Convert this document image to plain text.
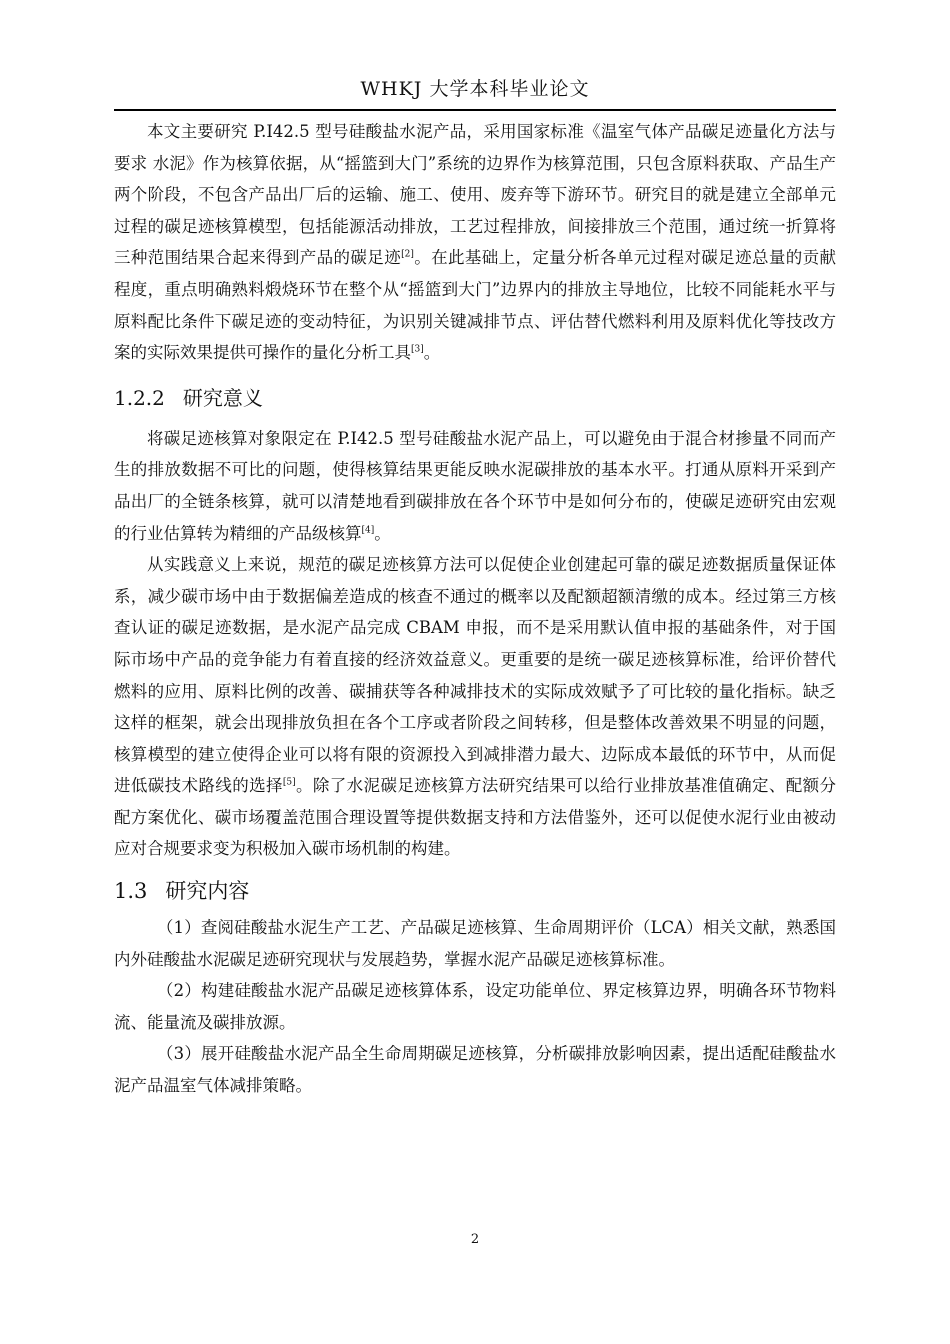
WHKJ 大学本科毕业论文

本文主要研究 P.I42.5 型号硅酸盐水泥产品，采用国家标准《温室气体产品碳足迹量化方法与要求 水泥》作为核算依据，从“摇篮到大门”系统的边界作为核算范围，只包含原料获取、产品生产两个阶段，不包含产品出厂后的运输、施工、使用、废弃等下游环节。研究目的就是建立全部单元过程的碳足迹核算模型，包括能源活动排放，工艺过程排放，间接排放三个范围，通过统一折算将三种范围结果合起来得到产品的碳足迹[2]。在此基础上，定量分析各单元过程对碳足迹总量的贡献程度，重点明确熟料煅烧环节在整个从“摇篮到大门”边界内的排放主导地位，比较不同能耗水平与原料配比条件下碳足迹的变动特征，为识别关键减排节点、评估替代燃料利用及原料优化等技改方案的实际效果提供可操作的量化分析工具[3]。

1.2.2 研究意义

将碳足迹核算对象限定在 P.I42.5 型号硅酸盐水泥产品上，可以避免由于混合材掺量不同而产生的排放数据不可比的问题，使得核算结果更能反映水泥碳排放的基本水平。打通从原料开采到产品出厂的全链条核算，就可以清楚地看到碳排放在各个环节中是如何分布的，使碳足迹研究由宏观的行业估算转为精细的产品级核算[4]。

从实践意义上来说，规范的碳足迹核算方法可以促使企业创建起可靠的碳足迹数据质量保证体系，减少碳市场中由于数据偏差造成的核查不通过的概率以及配额超额清缴的成本。经过第三方核查认证的碳足迹数据，是水泥产品完成 CBAM 申报，而不是采用默认值申报的基础条件，对于国际市场中产品的竞争能力有着直接的经济效益意义。更重要的是统一碳足迹核算标准，给评价替代燃料的应用、原料比例的改善、碳捕获等各种减排技术的实际成效赋予了可比较的量化指标。缺乏这样的框架，就会出现排放负担在各个工序或者阶段之间转移，但是整体改善效果不明显的问题，核算模型的建立使得企业可以将有限的资源投入到减排潜力最大、边际成本最低的环节中，从而促进低碳技术路线的选择[5]。除了水泥碳足迹核算方法研究结果可以给行业排放基准值确定、配额分配方案优化、碳市场覆盖范围合理设置等提供数据支持和方法借鉴外，还可以促使水泥行业由被动应对合规要求变为积极加入碳市场机制的构建。

1.3 研究内容

（1）查阅硅酸盐水泥生产工艺、产品碳足迹核算、生命周期评价（LCA）相关文献，熟悉国内外硅酸盐水泥碳足迹研究现状与发展趋势，掌握水泥产品碳足迹核算标准。

（2）构建硅酸盐水泥产品碳足迹核算体系，设定功能单位、界定核算边界，明确各环节物料流、能量流及碳排放源。

（3）展开硅酸盐水泥产品全生命周期碳足迹核算，分析碳排放影响因素，提出适配硅酸盐水泥产品温室气体减排策略。

2
